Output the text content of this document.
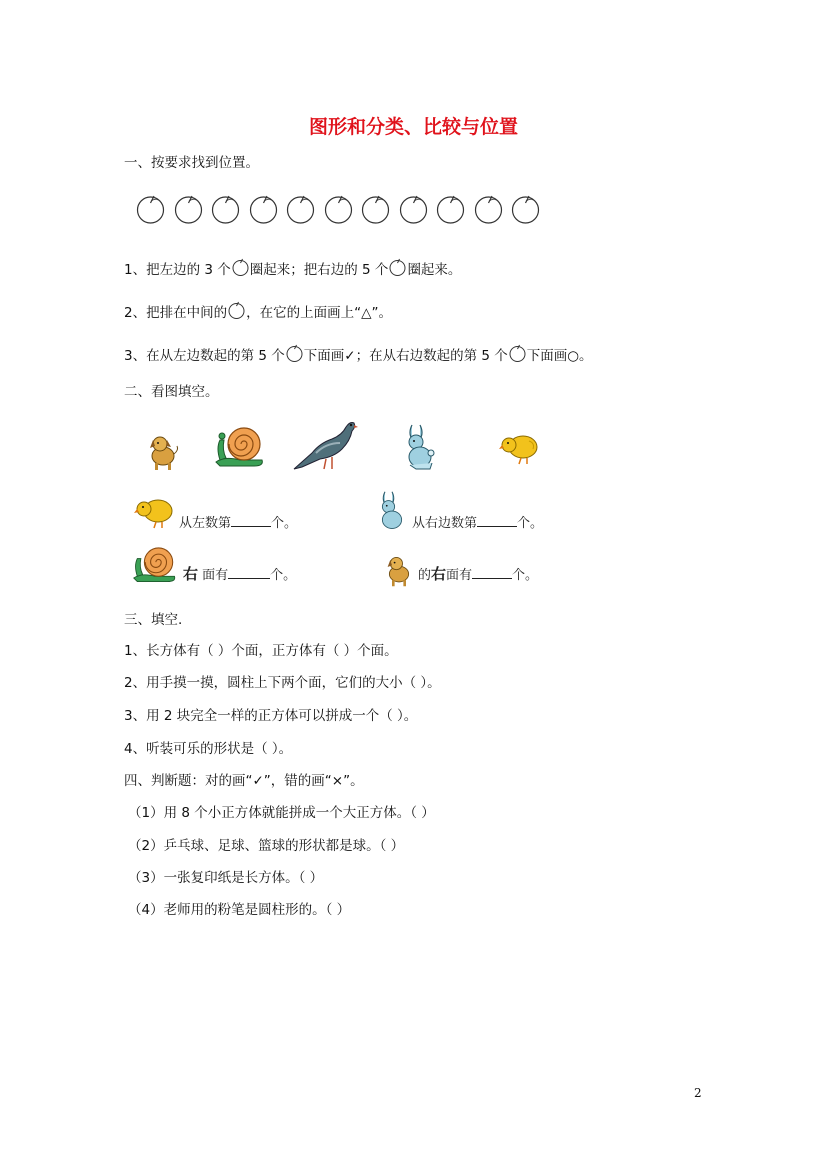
图形和分类、比较与位置
一、按要求找到位置。
1、把左边的 3 个 圈起来；把右边的 5 个 圈起来。
2、把排在中间的 ，在它的上面画上“△”。
3、在从左边数起的第 5 个 下面画✓；在从右边数起的第 5 个 下面画○。
二、看图填空。
从左数第	个。	从右边数第	个。
右 面有	个。	的右面有	个。
三、填空.
1、长方体有（ ）个面，正方体有（ ）个面。
2、用手摸一摸，圆柱上下两个面，它们的大小（ ）。
3、用 2 块完全一样的正方体可以拼成一个（ ）。
4、听装可乐的形状是（ ）。
四、判断题：对的画“✓”，错的画“×”。
（1）用 8 个小正方体就能拼成一个大正方体。（ ）
（2）乒乓球、足球、篮球的形状都是球。（ ）
（3）一张复印纸是长方体。（ ）
（4）老师用的粉笔是圆柱形的。（ ）
2
